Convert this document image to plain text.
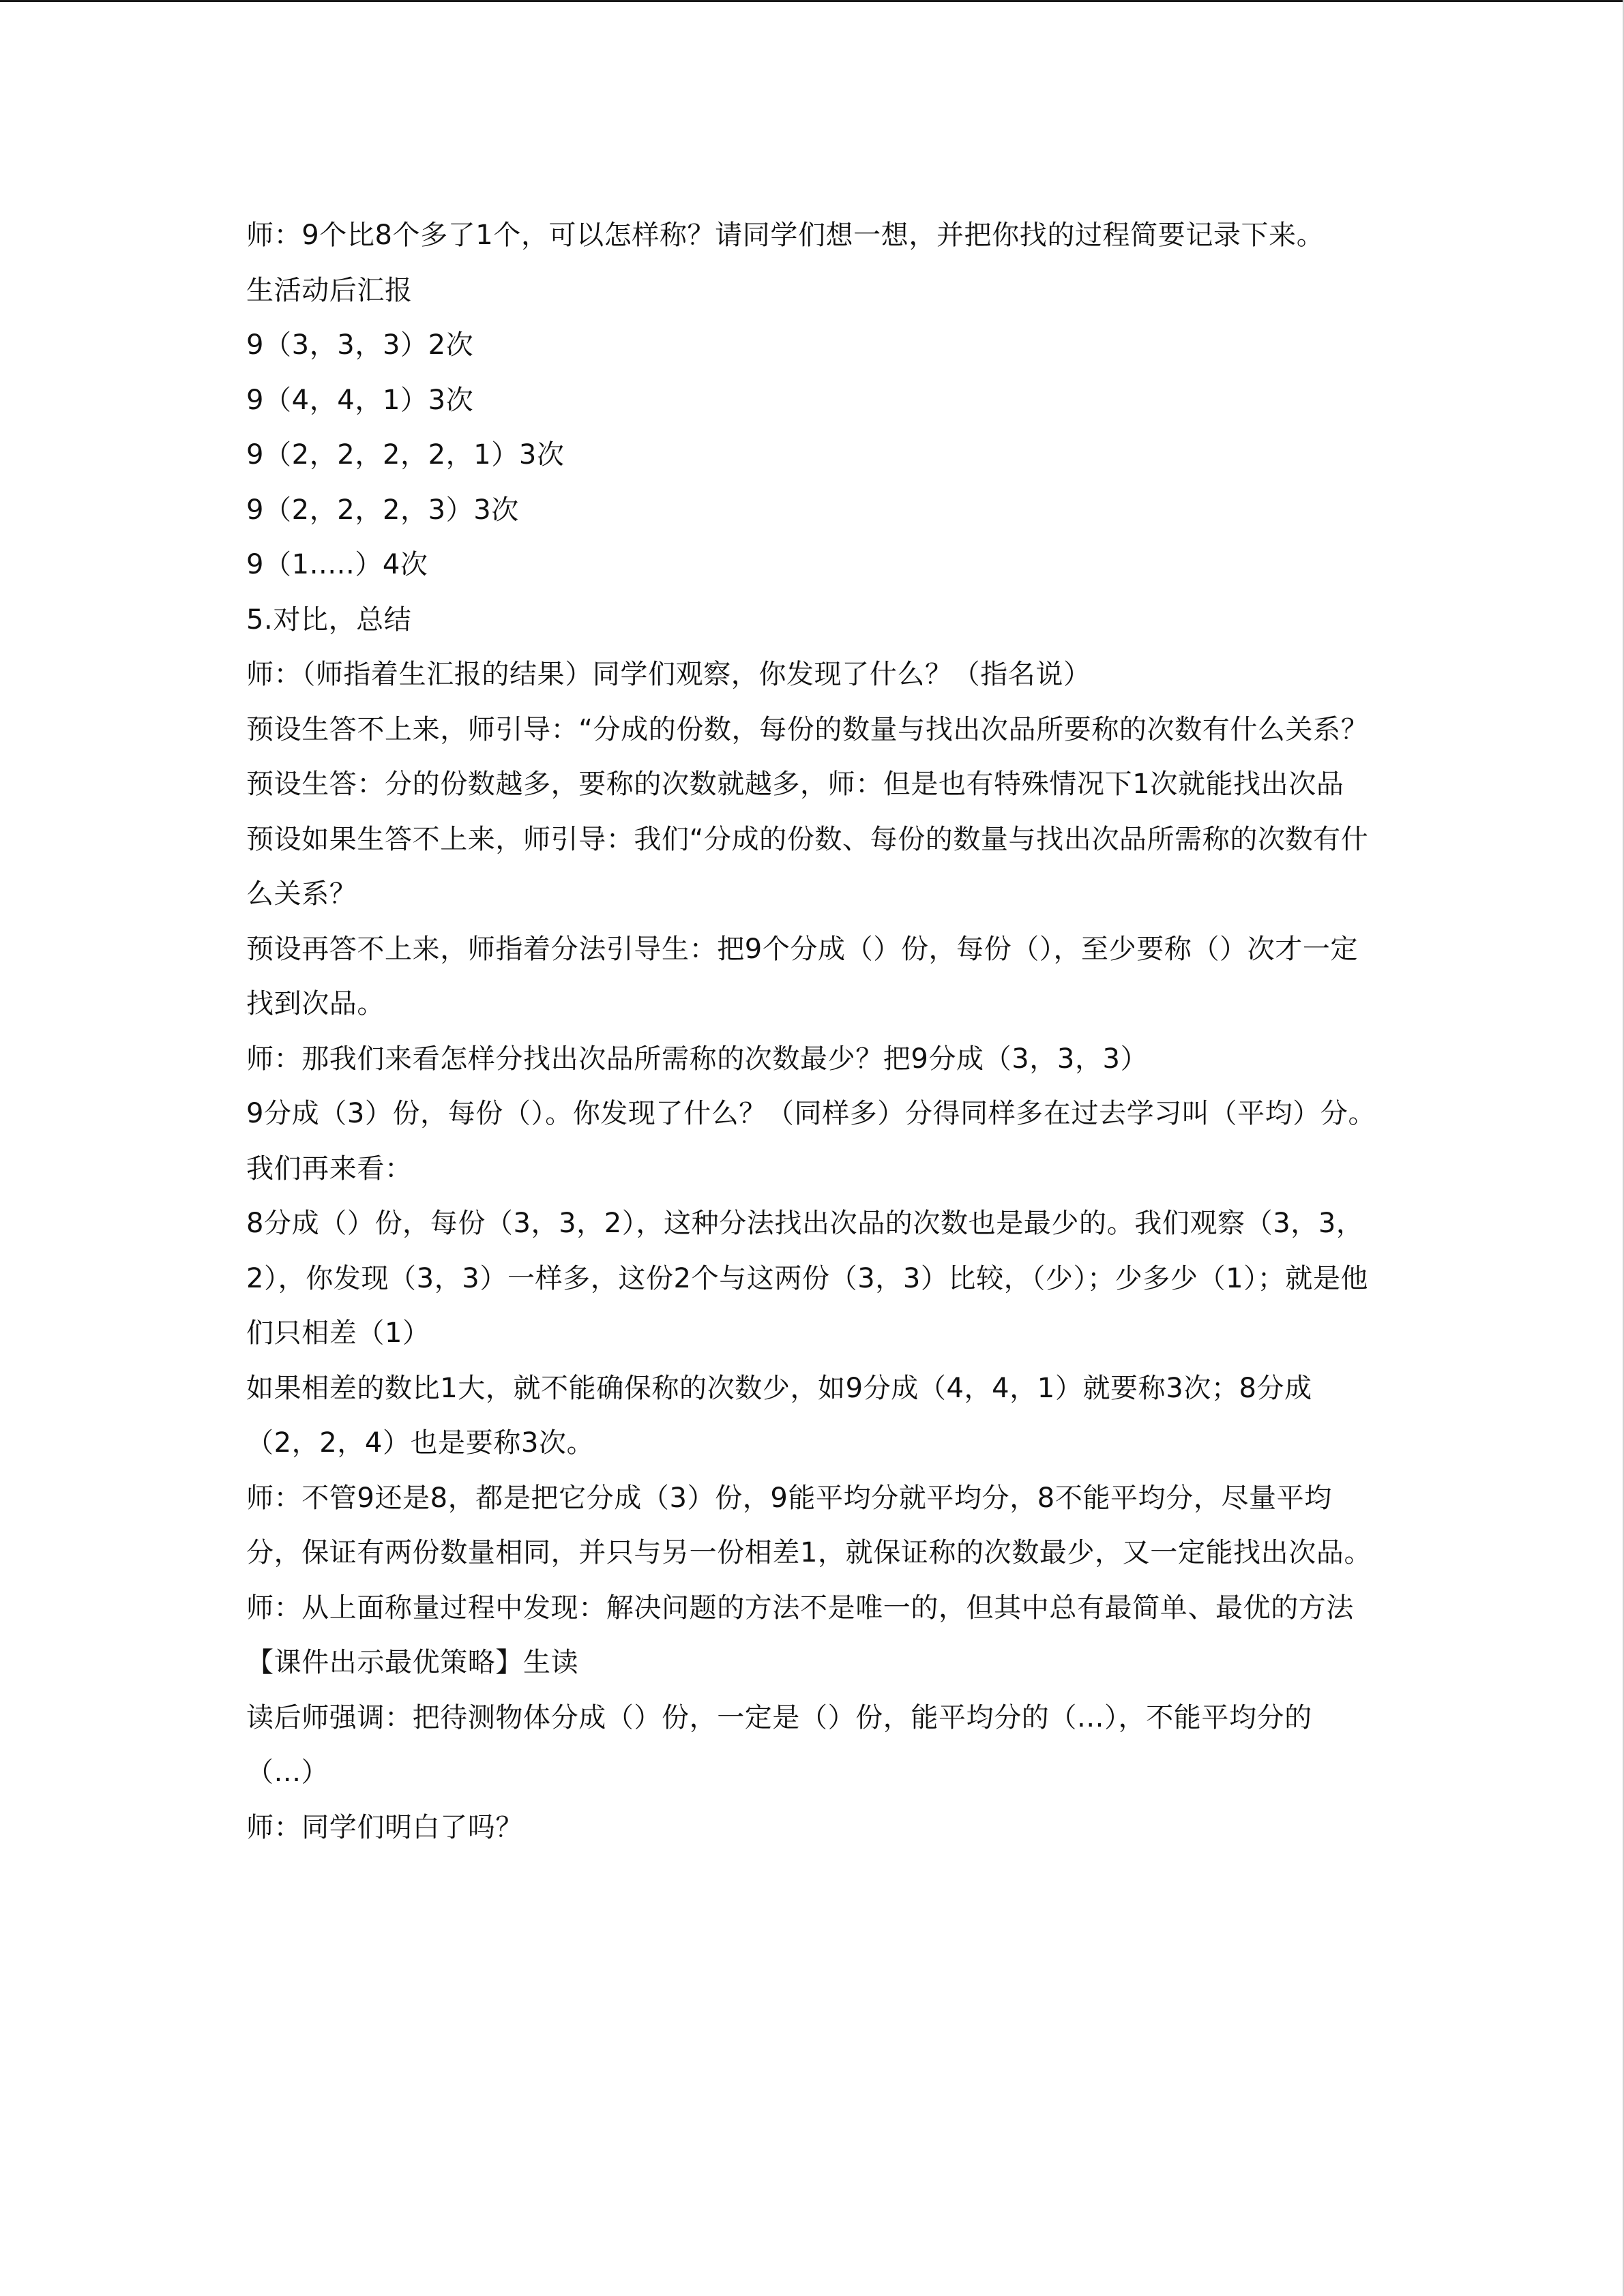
师：9个比8个多了1个，可以怎样称？请同学们想一想，并把你找的过程简要记录下来。

生活动后汇报

9（3，3，3）2次

9（4，4，1）3次

9（2，2，2，2，1）3次

9（2，2，2，3）3次

9（1.....）4次

5.对比，总结

师：（师指着生汇报的结果）同学们观察，你发现了什么？（指名说）

预设生答不上来，师引导：“分成的份数，每份的数量与找出次品所要称的次数有什么关系？

预设生答：分的份数越多，要称的次数就越多，师：但是也有特殊情况下1次就能找出次品

预设如果生答不上来，师引导：我们“分成的份数、每份的数量与找出次品所需称的次数有什么关系？

预设再答不上来，师指着分法引导生：把9个分成（）份，每份（），至少要称（）次才一定找到次品。

师：那我们来看怎样分找出次品所需称的次数最少？把9分成（3，3，3）

9分成（3）份，每份（）。你发现了什么？（同样多）分得同样多在过去学习叫（平均）分。我们再来看：

8分成（）份，每份（3，3，2），这种分法找出次品的次数也是最少的。我们观察（3，3，2），你发现（3，3）一样多，这份2个与这两份（3，3）比较，（少）；少多少（1）；就是他们只相差（1）

如果相差的数比1大，就不能确保称的次数少，如9分成（4，4，1）就要称3次；8分成（2，2，4）也是要称3次。

师：不管9还是8，都是把它分成（3）份，9能平均分就平均分，8不能平均分，尽量平均分，保证有两份数量相同，并只与另一份相差1，就保证称的次数最少，又一定能找出次品。

师：从上面称量过程中发现：解决问题的方法不是唯一的，但其中总有最简单、最优的方法【课件出示最优策略】生读

读后师强调：把待测物体分成（）份，一定是（）份，能平均分的（...），不能平均分的（...）

师：同学们明白了吗？
